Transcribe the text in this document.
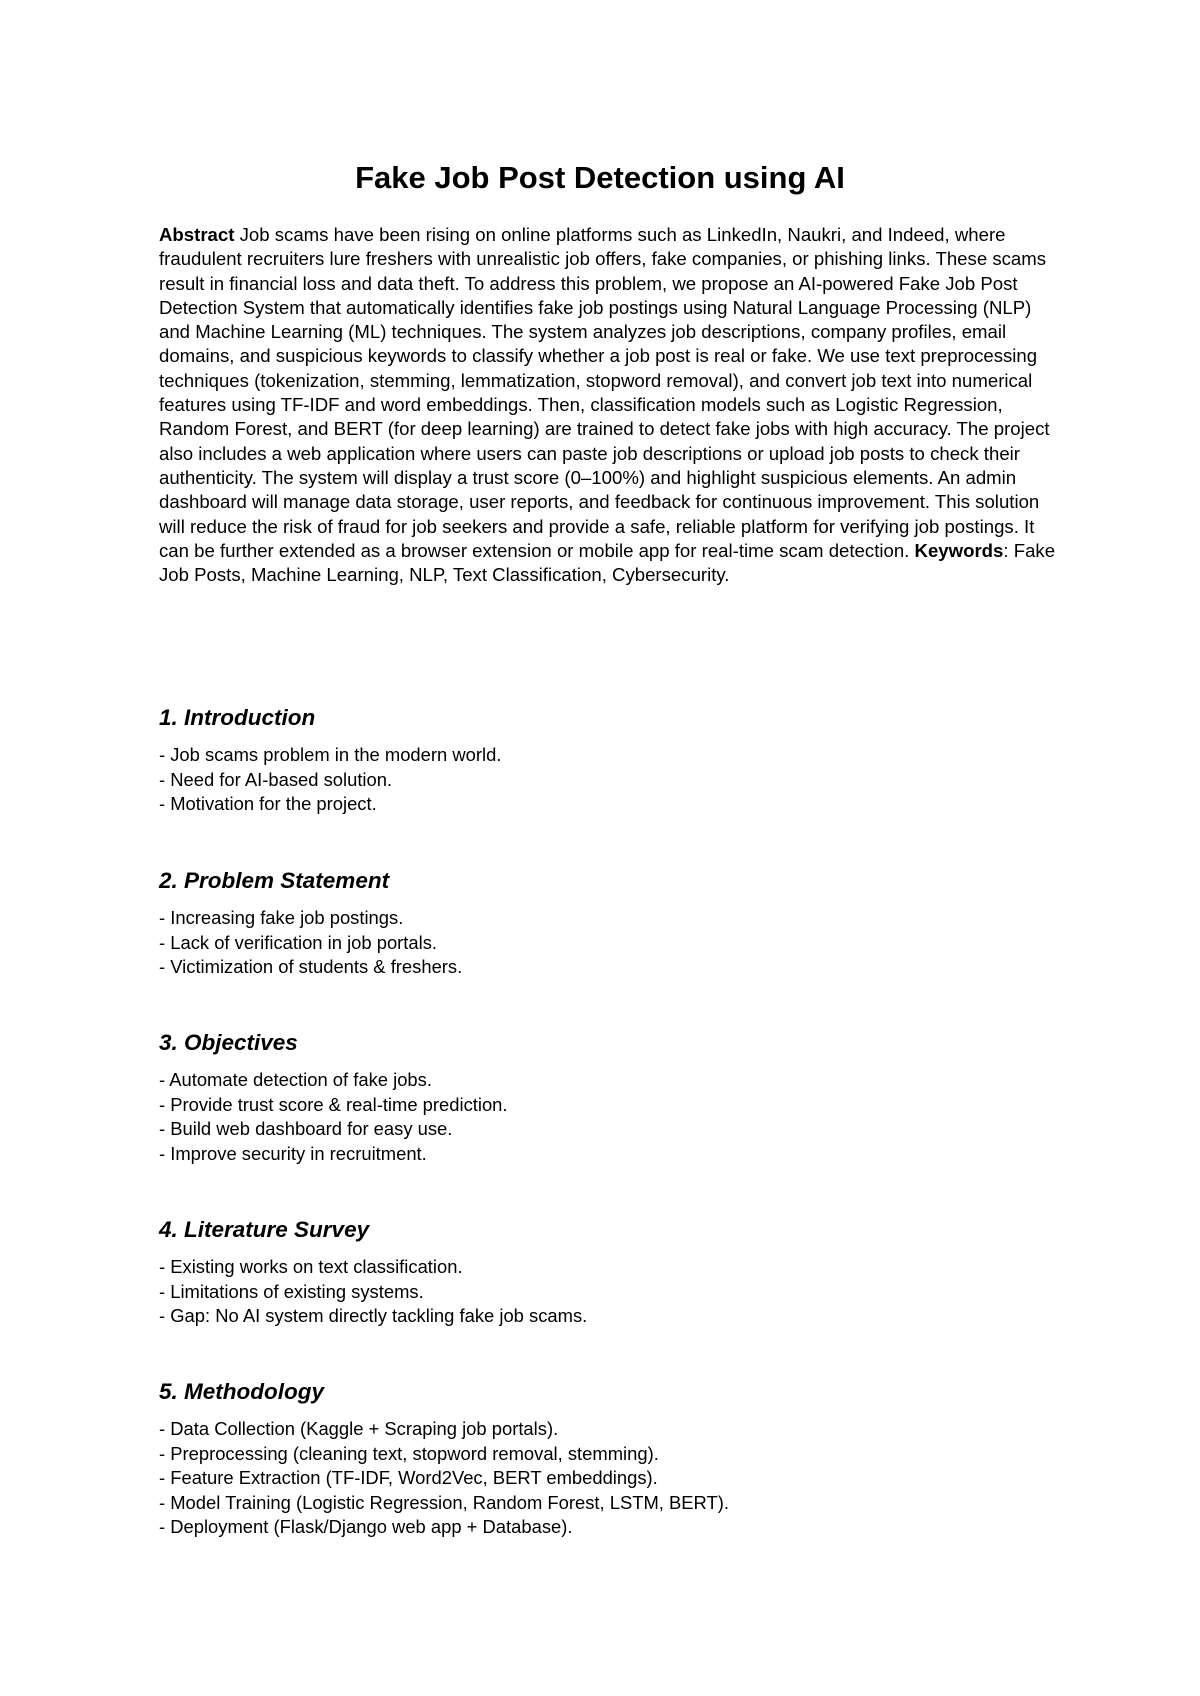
Fake Job Post Detection using AI

Abstract Job scams have been rising on online platforms such as LinkedIn, Naukri, and Indeed, where fraudulent recruiters lure freshers with unrealistic job offers, fake companies, or phishing links. These scams result in financial loss and data theft. To address this problem, we propose an AI-powered Fake Job Post Detection System that automatically identifies fake job postings using Natural Language Processing (NLP) and Machine Learning (ML) techniques. The system analyzes job descriptions, company profiles, email domains, and suspicious keywords to classify whether a job post is real or fake. We use text preprocessing techniques (tokenization, stemming, lemmatization, stopword removal), and convert job text into numerical features using TF-IDF and word embeddings. Then, classification models such as Logistic Regression, Random Forest, and BERT (for deep learning) are trained to detect fake jobs with high accuracy. The project also includes a web application where users can paste job descriptions or upload job posts to check their authenticity. The system will display a trust score (0–100%) and highlight suspicious elements. An admin dashboard will manage data storage, user reports, and feedback for continuous improvement. This solution will reduce the risk of fraud for job seekers and provide a safe, reliable platform for verifying job postings. It can be further extended as a browser extension or mobile app for real-time scam detection. Keywords: Fake Job Posts, Machine Learning, NLP, Text Classification, Cybersecurity.

1. Introduction
- Job scams problem in the modern world.
- Need for AI-based solution.
- Motivation for the project.
2. Problem Statement
- Increasing fake job postings.
- Lack of verification in job portals.
- Victimization of students & freshers.
3. Objectives
- Automate detection of fake jobs.
- Provide trust score & real-time prediction.
- Build web dashboard for easy use.
- Improve security in recruitment.
4. Literature Survey
- Existing works on text classification.
- Limitations of existing systems.
- Gap: No AI system directly tackling fake job scams.
5. Methodology
- Data Collection (Kaggle + Scraping job portals).
- Preprocessing (cleaning text, stopword removal, stemming).
- Feature Extraction (TF-IDF, Word2Vec, BERT embeddings).
- Model Training (Logistic Regression, Random Forest, LSTM, BERT).
- Deployment (Flask/Django web app + Database).
